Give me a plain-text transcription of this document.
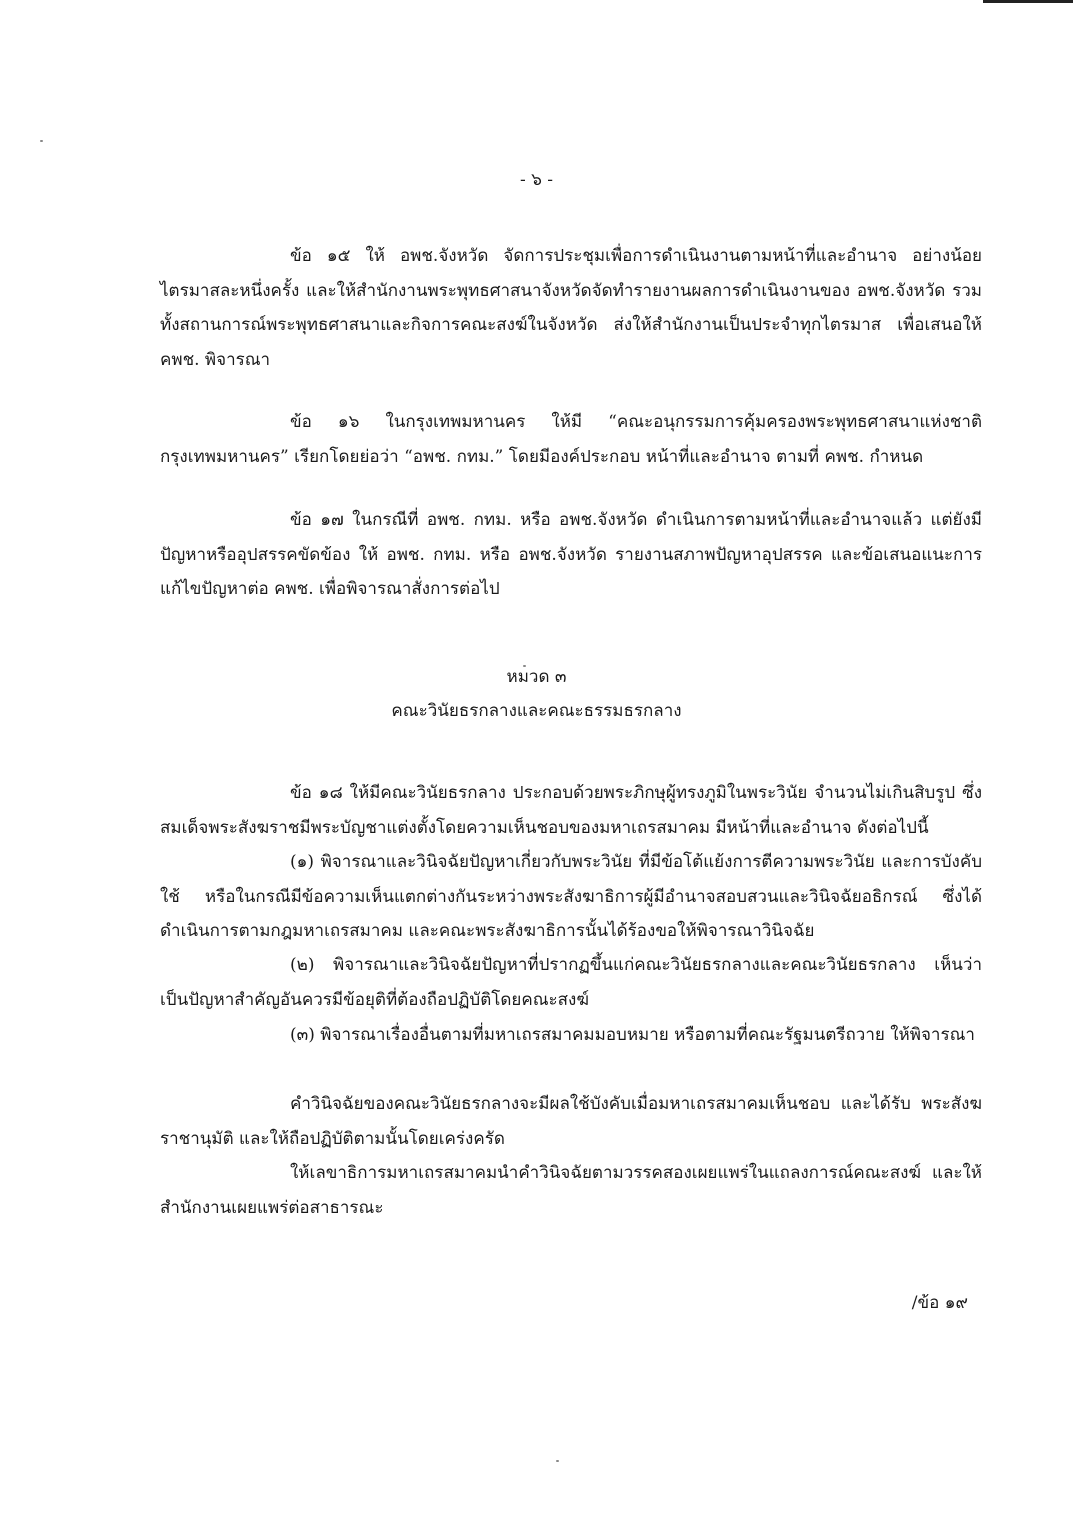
- ๖ -

ข้อ ๑๕ ให้ อพช.จังหวัด จัดการประชุมเพื่อการดำเนินงานตามหน้าที่และอำนาจ อย่างน้อยไตรมาสละหนึ่งครั้ง และให้สำนักงานพระพุทธศาสนาจังหวัดจัดทำรายงานผลการดำเนินงานของ อพช.จังหวัด รวมทั้งสถานการณ์พระพุทธศาสนาและกิจการคณะสงฆ์ในจังหวัด ส่งให้สำนักงานเป็นประจำทุกไตรมาส เพื่อเสนอให้ คพช. พิจารณา

ข้อ ๑๖ ในกรุงเทพมหานคร ให้มี “คณะอนุกรรมการคุ้มครองพระพุทธศาสนาแห่งชาติกรุงเทพมหานคร” เรียกโดยย่อว่า “อพช. กทม.” โดยมีองค์ประกอบ หน้าที่และอำนาจ ตามที่ คพช. กำหนด

ข้อ ๑๗ ในกรณีที่ อพช. กทม. หรือ อพช.จังหวัด ดำเนินการตามหน้าที่และอำนาจแล้ว แต่ยังมีปัญหาหรืออุปสรรคขัดข้อง ให้ อพช. กทม. หรือ อพช.จังหวัด รายงานสภาพปัญหาอุปสรรค และข้อเสนอแนะการแก้ไขปัญหาต่อ คพช. เพื่อพิจารณาสั่งการต่อไป

หมวด ๓
คณะวินัยธรกลางและคณะธรรมธรกลาง

ข้อ ๑๘ ให้มีคณะวินัยธรกลาง ประกอบด้วยพระภิกษุผู้ทรงภูมิในพระวินัย จำนวนไม่เกินสิบรูป ซึ่งสมเด็จพระสังฆราชมีพระบัญชาแต่งตั้งโดยความเห็นชอบของมหาเถรสมาคม มีหน้าที่และอำนาจ ดังต่อไปนี้

(๑) พิจารณาและวินิจฉัยปัญหาเกี่ยวกับพระวินัย ที่มีข้อโต้แย้งการตีความพระวินัย และการบังคับใช้ หรือในกรณีมีข้อความเห็นแตกต่างกันระหว่างพระสังฆาธิการผู้มีอำนาจสอบสวนและวินิจฉัยอธิกรณ์ ซึ่งได้ดำเนินการตามกฎมหาเถรสมาคม และคณะพระสังฆาธิการนั้นได้ร้องขอให้พิจารณาวินิจฉัย

(๒) พิจารณาและวินิจฉัยปัญหาที่ปรากฏขึ้นแก่คณะวินัยธรกลางและคณะวินัยธรกลาง เห็นว่าเป็นปัญหาสำคัญอันควรมีข้อยุติที่ต้องถือปฏิบัติโดยคณะสงฆ์

(๓) พิจารณาเรื่องอื่นตามที่มหาเถรสมาคมมอบหมาย หรือตามที่คณะรัฐมนตรีถวาย ให้พิจารณา

คำวินิจฉัยของคณะวินัยธรกลางจะมีผลใช้บังคับเมื่อมหาเถรสมาคมเห็นชอบ และได้รับ พระสังฆราชานุมัติ และให้ถือปฏิบัติตามนั้นโดยเคร่งครัด

ให้เลขาธิการมหาเถรสมาคมนำคำวินิจฉัยตามวรรคสองเผยแพร่ในแถลงการณ์คณะสงฆ์ และให้สำนักงานเผยแพร่ต่อสาธารณะ

/ข้อ ๑๙
